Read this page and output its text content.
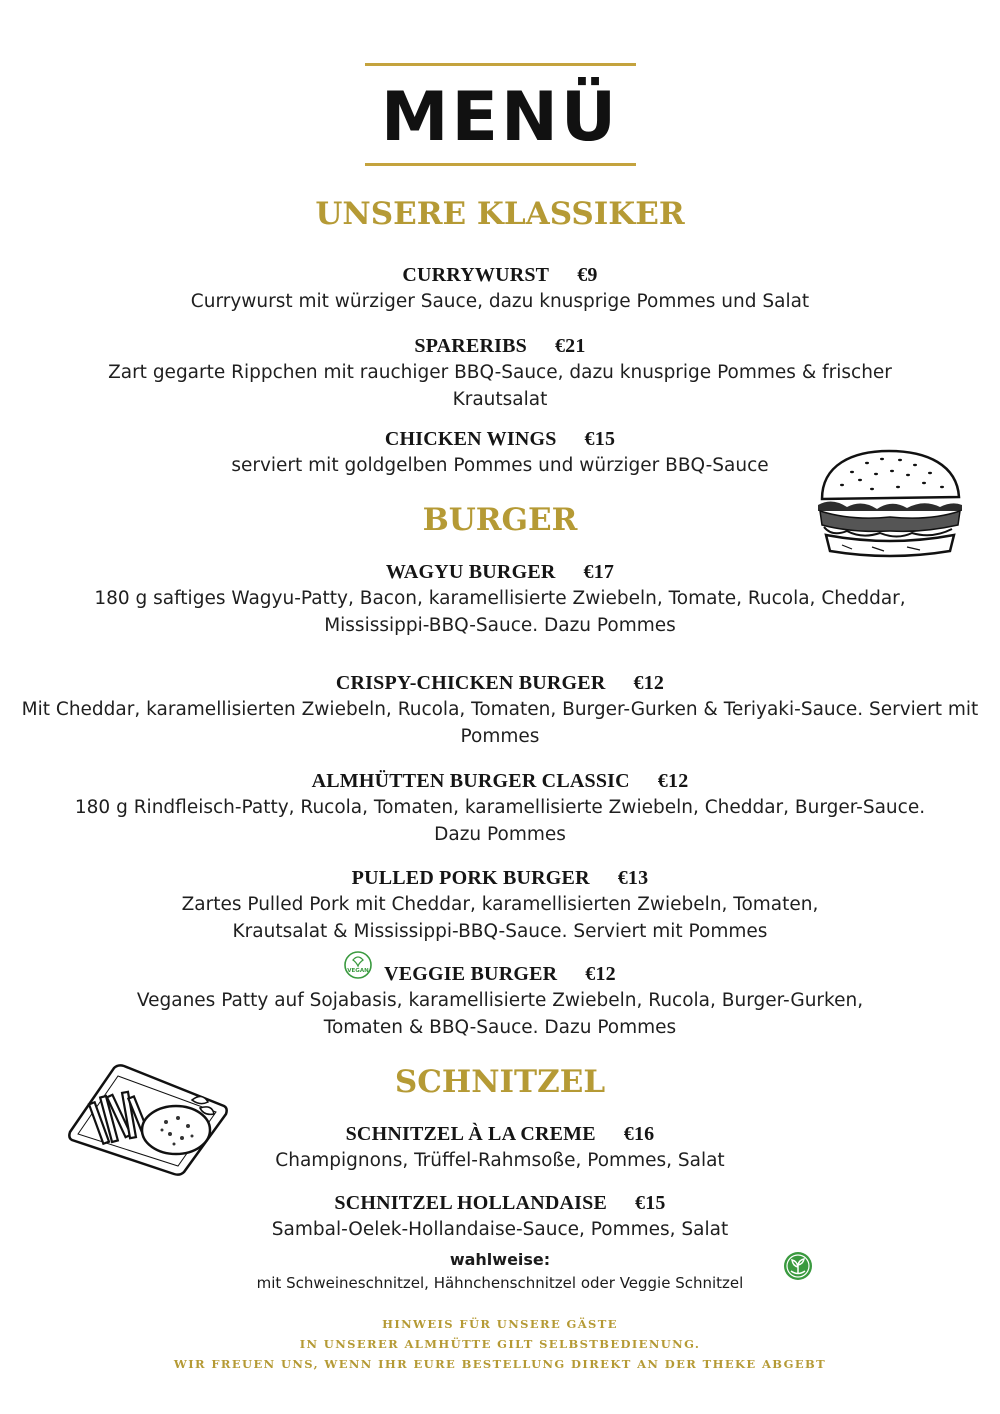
MENÜ
UNSERE KLASSIKER
CURRYWURST €9
Currywurst mit würziger Sauce, dazu knusprige Pommes und Salat
SPARERIBS €21
Zart gegarte Rippchen mit rauchiger BBQ-Sauce, dazu knusprige Pommes & frischer Krautsalat
CHICKEN WINGS €15
serviert mit goldgelben Pommes und würziger BBQ-Sauce
BURGER
WAGYU BURGER €17
180 g saftiges Wagyu-Patty, Bacon, karamellisierte Zwiebeln, Tomate, Rucola, Cheddar, Mississippi-BBQ-Sauce. Dazu Pommes
CRISPY-CHICKEN BURGER €12
Mit Cheddar, karamellisierten Zwiebeln, Rucola, Tomaten, Burger-Gurken & Teriyaki-Sauce. Serviert mit Pommes
ALMHÜTTEN BURGER CLASSIC €12
180 g Rindfleisch-Patty, Rucola, Tomaten, karamellisierte Zwiebeln, Cheddar, Burger-Sauce. Dazu Pommes
PULLED PORK BURGER €13
Zartes Pulled Pork mit Cheddar, karamellisierten Zwiebeln, Tomaten, Krautsalat & Mississippi-BBQ-Sauce. Serviert mit Pommes
VEGAN VEGGIE BURGER €12
Veganes Patty auf Sojabasis, karamellisierte Zwiebeln, Rucola, Burger-Gurken, Tomaten & BBQ-Sauce. Dazu Pommes
SCHNITZEL
SCHNITZEL À LA CREME €16
Champignons, Trüffel-Rahmsoße, Pommes, Salat
SCHNITZEL HOLLANDAISE €15
Sambal-Oelek-Hollandaise-Sauce, Pommes, Salat
wahlweise:
mit Schweineschnitzel, Hähnchenschnitzel oder Veggie Schnitzel
HINWEIS FÜR UNSERE GÄSTE
IN UNSERER ALMHÜTTE GILT SELBSTBEDIENUNG.
WIR FREUEN UNS, WENN IHR EURE BESTELLUNG DIREKT AN DER THEKE ABGEBT
